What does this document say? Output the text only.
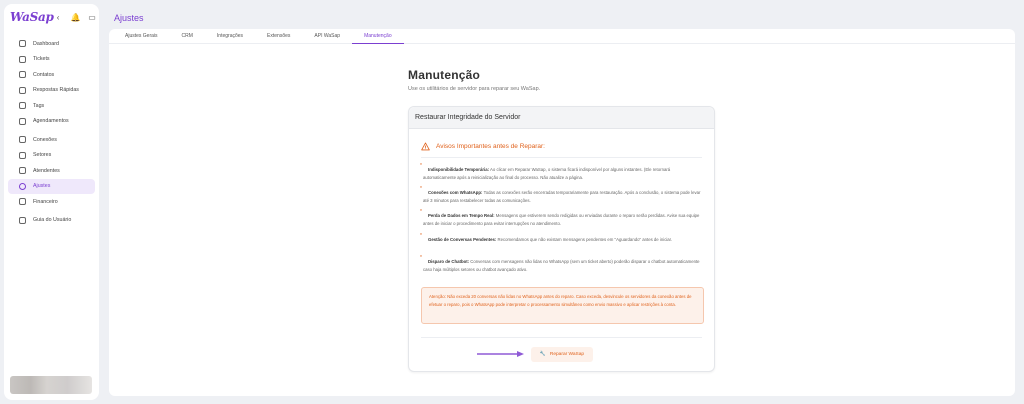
WaSap ‹	🔔 ▭
Dashboard
Tickets
Contatos
Respostas Rápidas
Tags
Agendamentos
Conexões
Setores
Atendentes
Ajustes
Financeiro
Guia do Usuário
Ajustes
Ajustes Gerais	CRM	Integrações	Extensões	API WaSap	Manutenção
Manutenção
Use os utilitários de servidor para reparar seu WaSap.
Restaurar Integridade do Servidor
Avisos Importantes antes de Reparar:
*
Indisponibilidade Temporária: Ao clicar em Reparar WaSap, o sistema ficará indisponível por alguns instantes. (Ele retornará automaticamente após a reinicialização ao final do processo. Não atualize a página.
*
Conexões com WhatsApp: Todas as conexões serão encerradas temporariamente para restauração. Após a conclusão, o sistema pode levar até 3 minutos para restabelecer todas as comunicações.
*
Perda de Dados em Tempo Real: Mensagens que estiverem sendo redigidas ou enviadas durante o reparo serão perdidas. Avise sua equipe antes de iniciar o procedimento para evitar interrupções no atendimento.
*
Gestão de Conversas Pendentes: Recomendamos que não existam mensagens pendentes em "Aguardando" antes de iniciar.
*
Disparo de Chatbot: Conversas com mensagens não lidas no WhatsApp (sem um ticket aberto) poderão disparar o chatbot automaticamente caso haja múltiplos setores ou chatbot avançado ativo.
Atenção: Não exceda 20 conversas não lidas no WhatsApp antes do reparo. Caso exceda, desvincule os servidores da conexão antes de efetuar o reparo, pois o WhatsApp pode interpretar o processamento simultâneo como envio massivo e aplicar restrições à conta.
🔧 Reparar WaSap
